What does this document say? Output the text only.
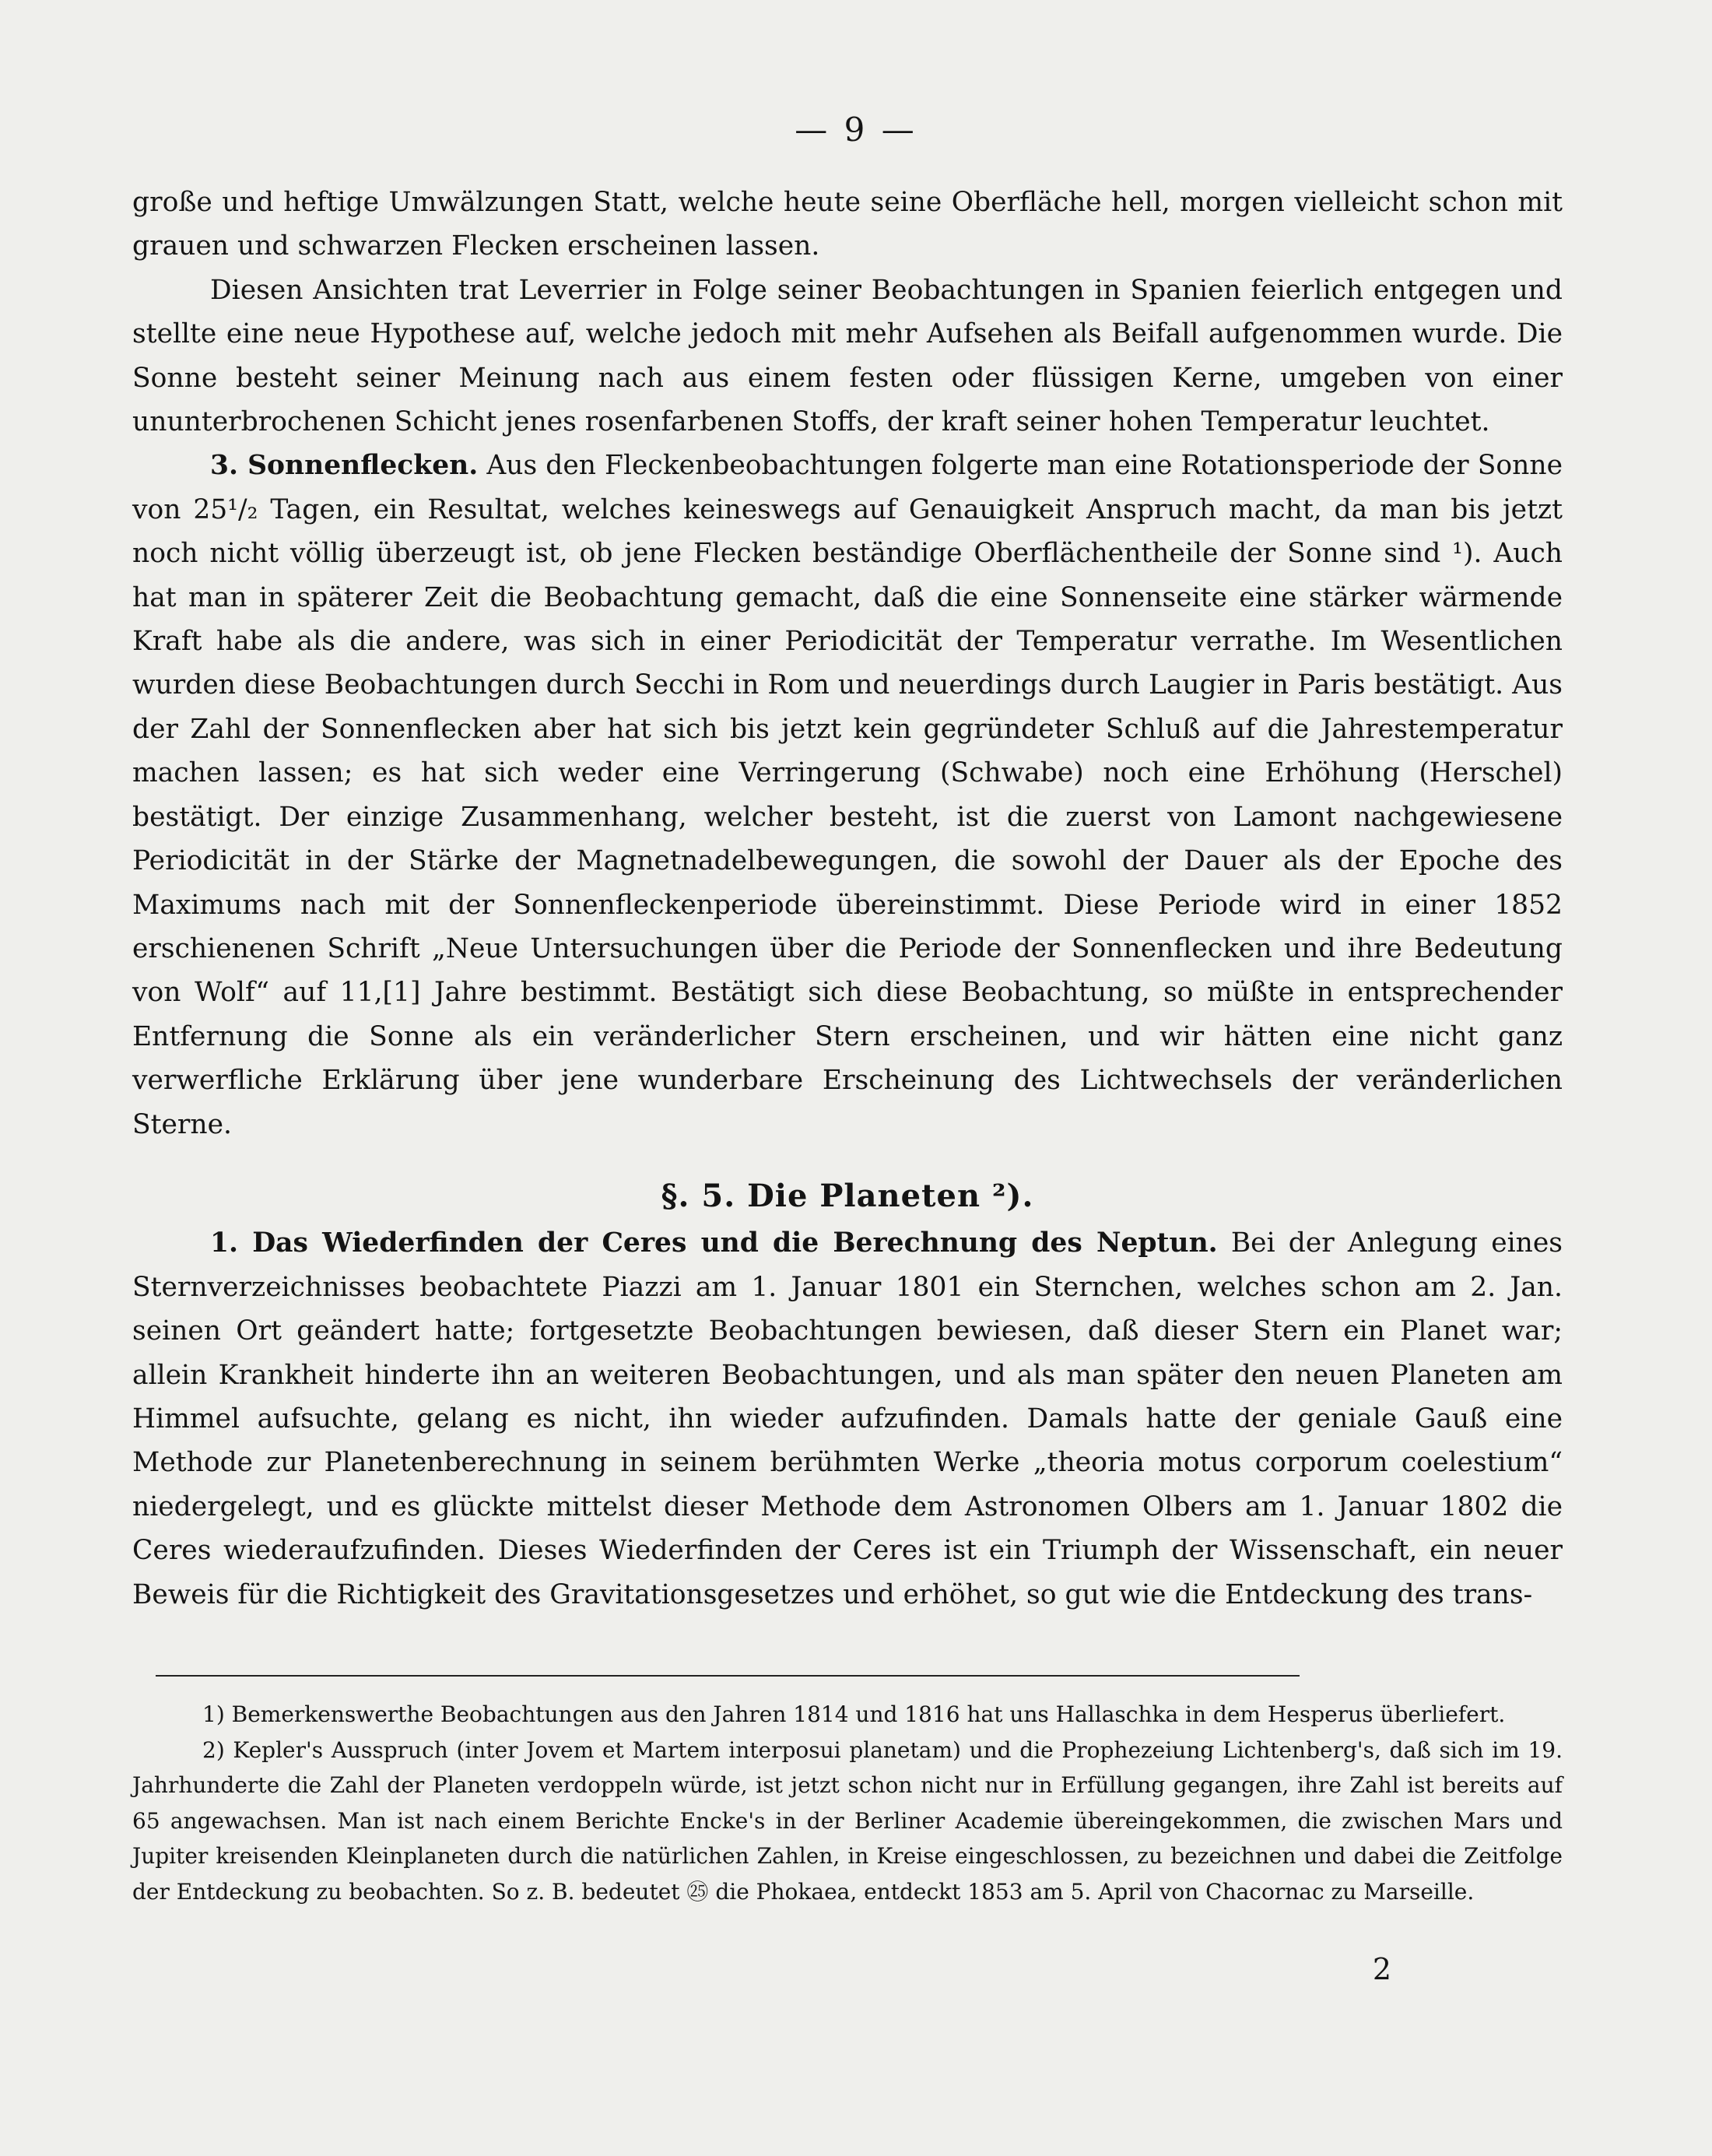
— 9 —

große und heftige Umwälzungen Statt, welche heute seine Oberfläche hell, morgen vielleicht schon mit grauen und schwarzen Flecken erscheinen lassen.

Diesen Ansichten trat Leverrier in Folge seiner Beobachtungen in Spanien feierlich entgegen und stellte eine neue Hypothese auf, welche jedoch mit mehr Aufsehen als Beifall aufgenommen wurde. Die Sonne besteht seiner Meinung nach aus einem festen oder flüssigen Kerne, umgeben von einer ununterbrochenen Schicht jenes rosenfarbenen Stoffs, der kraft seiner hohen Temperatur leuchtet.

3. Sonnenflecken. Aus den Fleckenbeobachtungen folgerte man eine Rotationsperiode der Sonne von 25¹/₂ Tagen, ein Resultat, welches keineswegs auf Genauigkeit Anspruch macht, da man bis jetzt noch nicht völlig überzeugt ist, ob jene Flecken beständige Oberflächentheile der Sonne sind ¹). Auch hat man in späterer Zeit die Beobachtung gemacht, daß die eine Sonnenseite eine stärker wärmende Kraft habe als die andere, was sich in einer Periodicität der Temperatur verrathe. Im Wesentlichen wurden diese Beobachtungen durch Secchi in Rom und neuerdings durch Laugier in Paris bestätigt. Aus der Zahl der Sonnenflecken aber hat sich bis jetzt kein gegründeter Schluß auf die Jahrestemperatur machen lassen; es hat sich weder eine Verringerung (Schwabe) noch eine Erhöhung (Herschel) bestätigt. Der einzige Zusammenhang, welcher besteht, ist die zuerst von Lamont nachgewiesene Periodicität in der Stärke der Magnetnadelbewegungen, die sowohl der Dauer als der Epoche des Maximums nach mit der Sonnenfleckenperiode übereinstimmt. Diese Periode wird in einer 1852 erschienenen Schrift „Neue Untersuchungen über die Periode der Sonnenflecken und ihre Bedeutung von Wolf“ auf 11,[1] Jahre bestimmt. Bestätigt sich diese Beobachtung, so müßte in entsprechender Entfernung die Sonne als ein veränderlicher Stern erscheinen, und wir hätten eine nicht ganz verwerfliche Erklärung über jene wunderbare Erscheinung des Lichtwechsels der veränderlichen Sterne.

§. 5. Die Planeten ²).

1. Das Wiederfinden der Ceres und die Berechnung des Neptun. Bei der Anlegung eines Sternverzeichnisses beobachtete Piazzi am 1. Januar 1801 ein Sternchen, welches schon am 2. Jan. seinen Ort geändert hatte; fortgesetzte Beobachtungen bewiesen, daß dieser Stern ein Planet war; allein Krankheit hinderte ihn an weiteren Beobachtungen, und als man später den neuen Planeten am Himmel aufsuchte, gelang es nicht, ihn wieder aufzufinden. Damals hatte der geniale Gauß eine Methode zur Planetenberechnung in seinem berühmten Werke „theoria motus corporum coelestium“ niedergelegt, und es glückte mittelst dieser Methode dem Astronomen Olbers am 1. Januar 1802 die Ceres wiederaufzufinden. Dieses Wiederfinden der Ceres ist ein Triumph der Wissenschaft, ein neuer Beweis für die Richtigkeit des Gravitationsgesetzes und erhöhet, so gut wie die Entdeckung des trans-

1) Bemerkenswerthe Beobachtungen aus den Jahren 1814 und 1816 hat uns Hallaschka in dem Hesperus überliefert.

2) Kepler's Ausspruch (inter Jovem et Martem interposui planetam) und die Prophezeiung Lichtenberg's, daß sich im 19. Jahrhunderte die Zahl der Planeten verdoppeln würde, ist jetzt schon nicht nur in Erfüllung gegangen, ihre Zahl ist bereits auf 65 angewachsen. Man ist nach einem Berichte Encke's in der Berliner Academie übereingekommen, die zwischen Mars und Jupiter kreisenden Kleinplaneten durch die natürlichen Zahlen, in Kreise eingeschlossen, zu bezeichnen und dabei die Zeitfolge der Entdeckung zu beobachten. So z. B. bedeutet ㉕ die Phokaea, entdeckt 1853 am 5. April von Chacornac zu Marseille.

2
